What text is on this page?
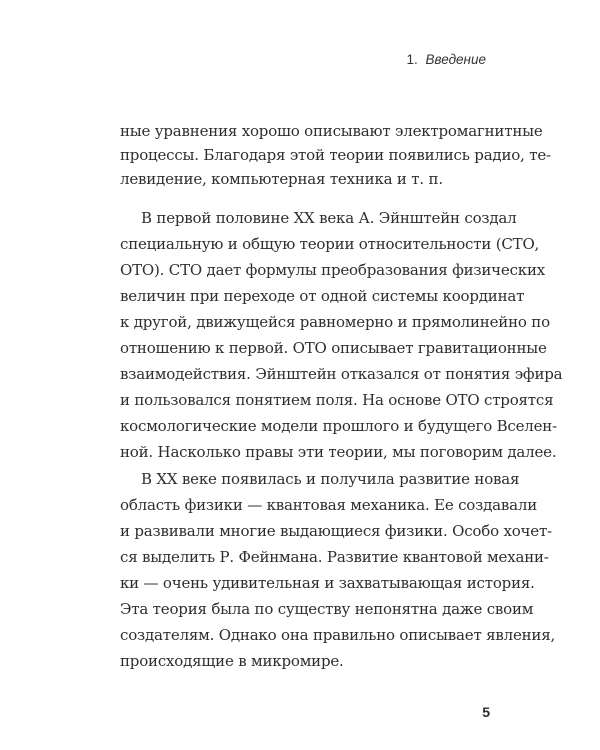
1. Введение
ные уравнения хорошо описывают электромагнитные
процессы. Благодаря этой теории появились радио, те-
левидение, компьютерная техника и т. п.
В первой половине XX века А. Эйнштейн создал
специальную и общую теории относительности (СТО,
ОТО). СТО дает формулы преобразования физических
величин при переходе от одной системы координат
к другой, движущейся равномерно и прямолинейно по
отношению к первой. ОТО описывает гравитационные
взаимодействия. Эйнштейн отказался от понятия эфира
и пользовался понятием поля. На основе ОТО строятся
космологические модели прошлого и будущего Вселен-
ной. Насколько правы эти теории, мы поговорим далее.
В XX веке появилась и получила развитие новая
область физики — квантовая механика. Ее создавали
и развивали многие выдающиеся физики. Особо хочет-
ся выделить Р. Фейнмана. Развитие квантовой механи-
ки — очень удивительная и захватывающая история.
Эта теория была по существу непонятна даже своим
создателям. Однако она правильно описывает явления,
происходящие в микромире.
5
